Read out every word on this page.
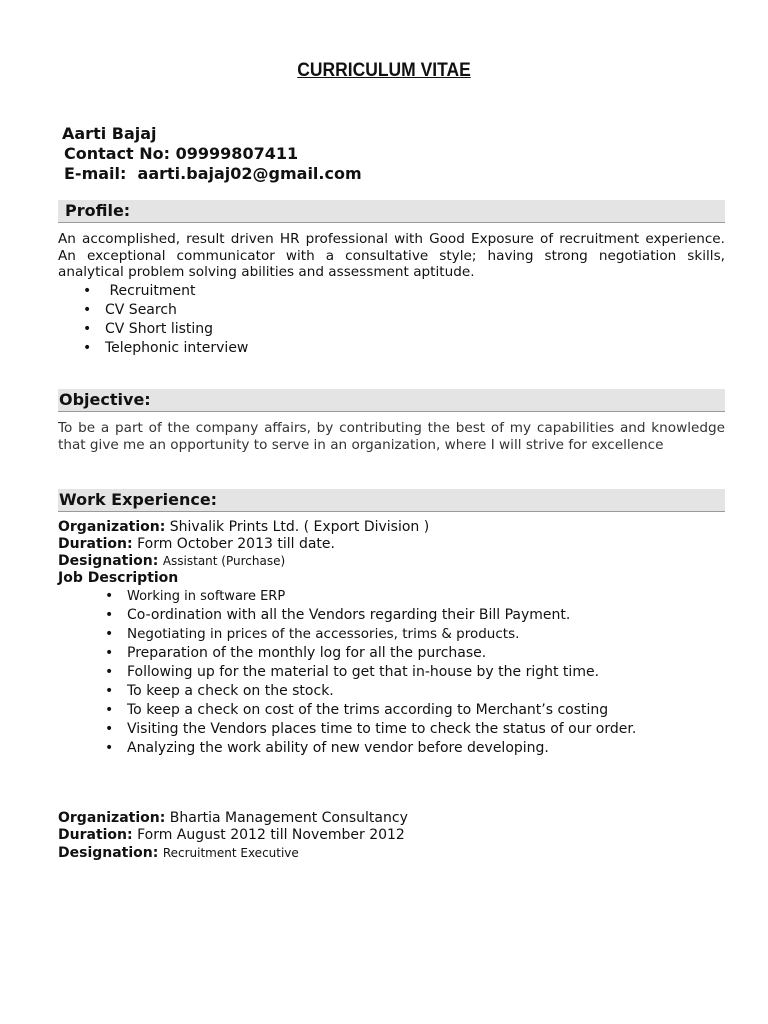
CURRICULUM VITAE
Aarti Bajaj
Contact No: 09999807411
E-mail: aarti.bajaj02@gmail.com
Profile:
An accomplished, result driven HR professional with Good Exposure of recruitment experience. An exceptional communicator with a consultative style; having strong negotiation skills, analytical problem solving abilities and assessment aptitude.
• Recruitment
• CV Search
• CV Short listing
• Telephonic interview
Objective:
To be a part of the company affairs, by contributing the best of my capabilities and knowledge that give me an opportunity to serve in an organization, where I will strive for excellence
Work Experience:
Organization: Shivalik Prints Ltd. ( Export Division )
Duration: Form October 2013 till date.
Designation: Assistant (Purchase)
Job Description
• Working in software ERP
• Co-ordination with all the Vendors regarding their Bill Payment.
• Negotiating in prices of the accessories, trims & products.
• Preparation of the monthly log for all the purchase.
• Following up for the material to get that in-house by the right time.
• To keep a check on the stock.
• To keep a check on cost of the trims according to Merchant’s costing
• Visiting the Vendors places time to time to check the status of our order.
• Analyzing the work ability of new vendor before developing.
Organization: Bhartia Management Consultancy
Duration: Form August 2012 till November 2012
Designation: Recruitment Executive
